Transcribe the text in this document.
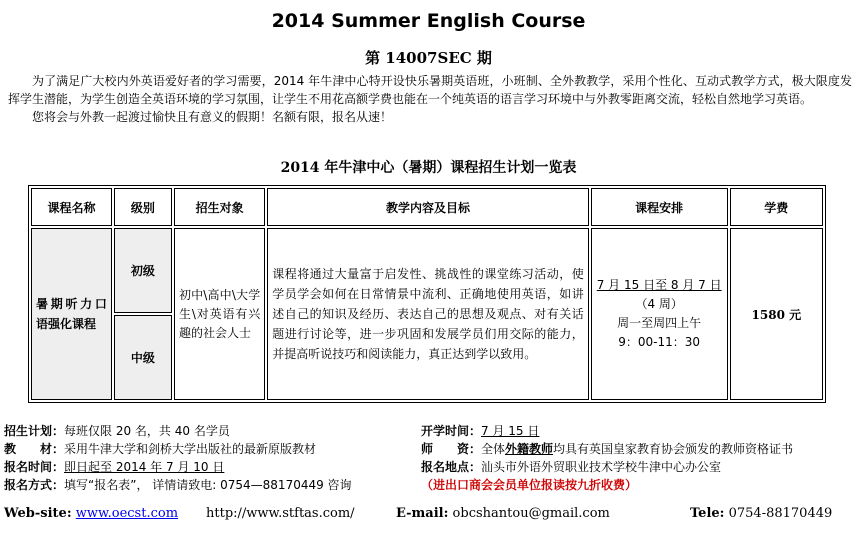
2014 Summer English Course
第 14007SEC 期

为了满足广大校内外英语爱好者的学习需要，2014 年牛津中心特开设快乐暑期英语班，小班制、全外教教学，采用个性化、互动式教学方式，极大限度发挥学生潜能，为学生创造全英语环境的学习氛围，让学生不用花高额学费也能在一个纯英语的语言学习环境中与外教零距离交流，轻松自然地学习英语。

您将会与外教一起渡过愉快且有意义的假期！名额有限，报名从速！

2014 年牛津中心（暑期）课程招生计划一览表
课程名称	级别	招生对象	教学内容及目标	课程安排	学费
暑期听力口语强化课程	初级	初中\高中\大学生\对英语有兴趣的社会人士	课程将通过大量富于启发性、挑战性的课堂练习活动，使学员学会如何在日常情景中流利、正确地使用英语，如讲述自己的知识及经历、表达自己的思想及观点、对有关话题进行讨论等，进一步巩固和发展学员们用交际的能力，并提高听说技巧和阅读能力，真正达到学以致用。	7 月 15 日至 8 月 7 日
（4 周）
周一至周四上午
9：00-11：30	1580 元
	中级				
招生计划：每班仅限 20 名，共 40 名学员
教　　材：采用牛津大学和剑桥大学出版社的最新原版教材
报名时间：即日起至 2014 年 7 月 10 日
报名方式：填写“报名表”， 详情请致电: 0754—88170449 咨询
开学时间：7 月 15 日
师　　资：全体外籍教师均具有英国皇家教育协会颁发的教师资格证书
报名地点：汕头市外语外贸职业技术学校牛津中心办公室
（进出口商会会员单位报读按九折收费）
Web-site: www.oecst.com http://www.stftas.com/	E-mail: obcshantou@gmail.com	Tele: 0754-88170449
